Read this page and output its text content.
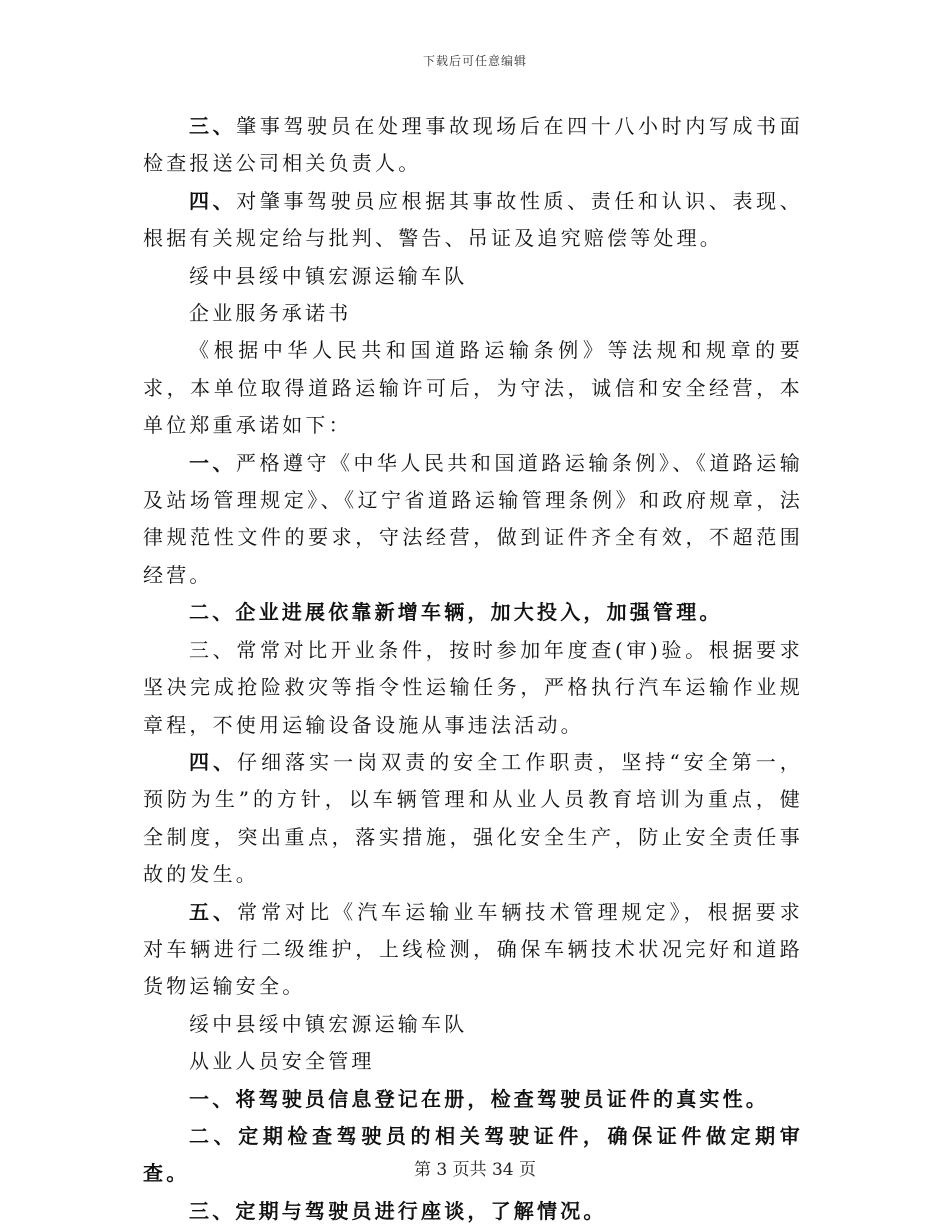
下载后可任意编辑

三、肇事驾驶员在处理事故现场后在四十八小时内写成书面检查报送公司相关负责人。

四、对肇事驾驶员应根据其事故性质、责任和认识、表现、根据有关规定给与批判、警告、吊证及追究赔偿等处理。

绥中县绥中镇宏源运输车队

企业服务承诺书

《根据中华人民共和国道路运输条例》等法规和规章的要求，本单位取得道路运输许可后，为守法，诚信和安全经营，本单位郑重承诺如下：

一、严格遵守《中华人民共和国道路运输条例》、《道路运输及站场管理规定》、《辽宁省道路运输管理条例》和政府规章，法律规范性文件的要求，守法经营，做到证件齐全有效，不超范围经营。

二、企业进展依靠新增车辆，加大投入，加强管理。

三、常常对比开业条件，按时参加年度查(审)验。根据要求坚决完成抢险救灾等指令性运输任务，严格执行汽车运输作业规章程，不使用运输设备设施从事违法活动。

四、仔细落实一岗双责的安全工作职责，坚持“安全第一，预防为生”的方针，以车辆管理和从业人员教育培训为重点，健全制度，突出重点，落实措施，强化安全生产，防止安全责任事故的发生。

五、常常对比《汽车运输业车辆技术管理规定》，根据要求对车辆进行二级维护，上线检测，确保车辆技术状况完好和道路货物运输安全。

绥中县绥中镇宏源运输车队

从业人员安全管理

一、将驾驶员信息登记在册，检查驾驶员证件的真实性。

二、定期检查驾驶员的相关驾驶证件，确保证件做定期审查。

三、定期与驾驶员进行座谈，了解情况。

第 3 页共 34 页
